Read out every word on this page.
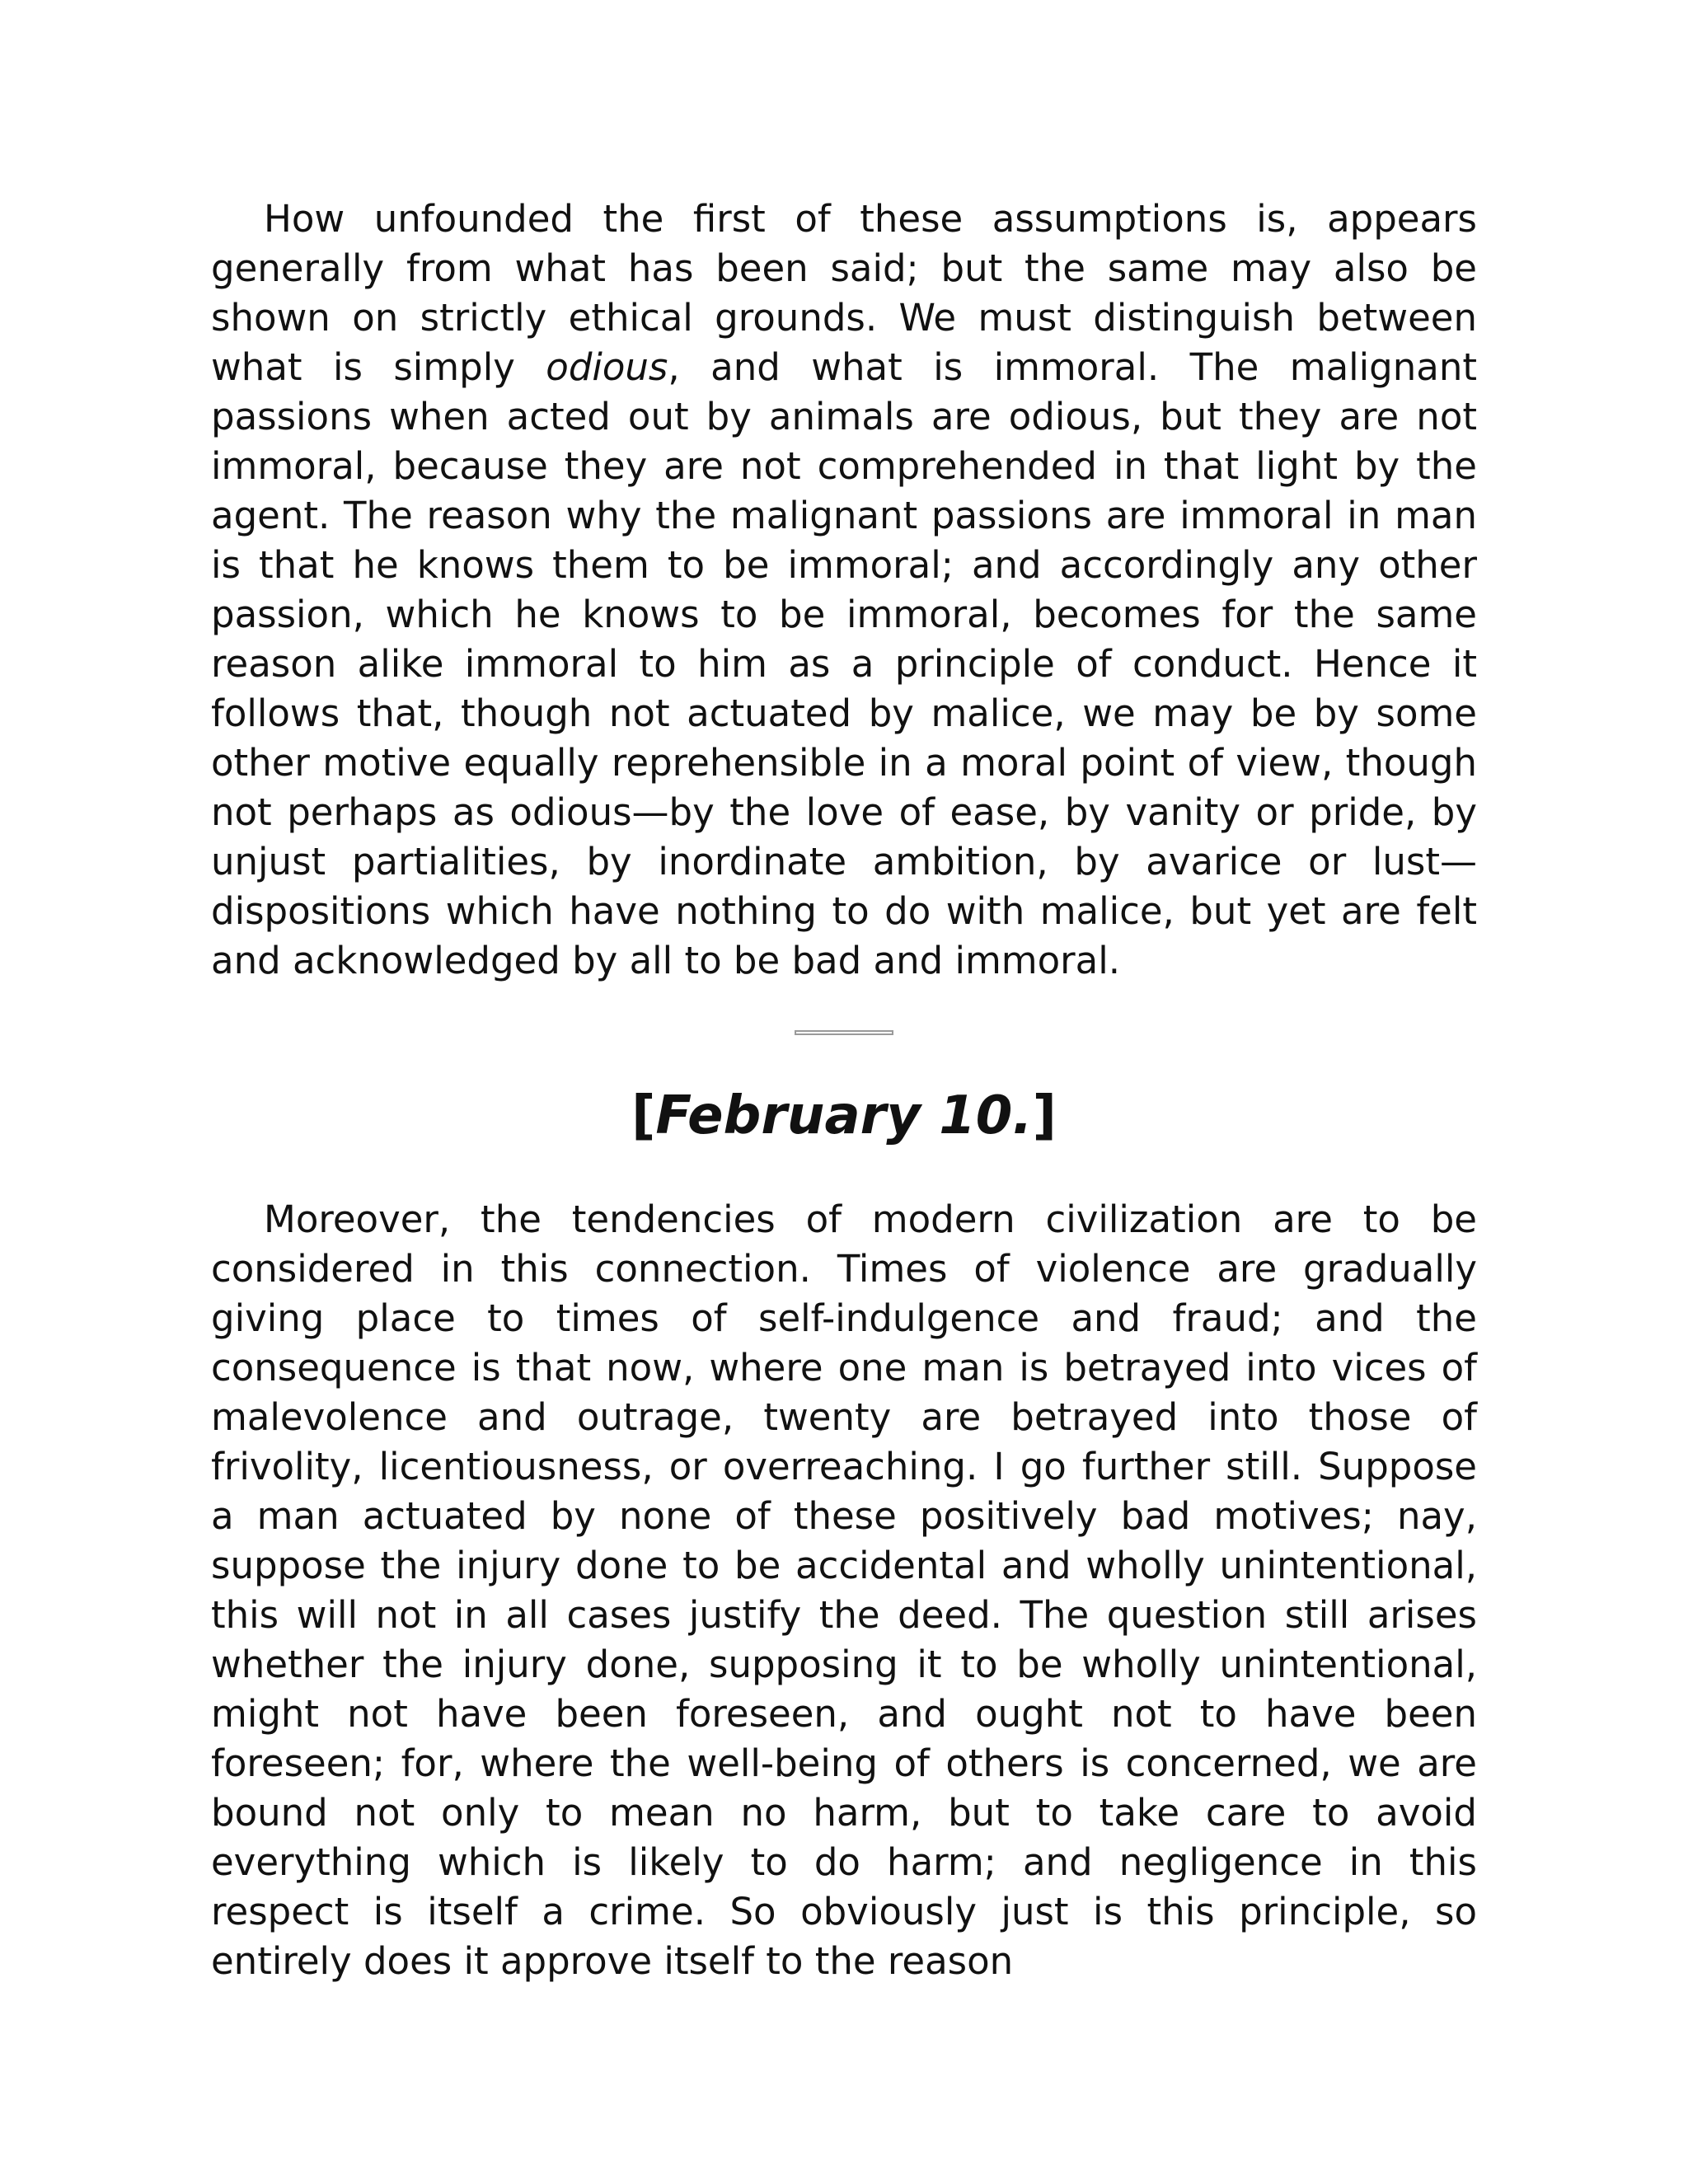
How unfounded the first of these assumptions is, appears generally from what has been said; but the same may also be shown on strictly ethical grounds. We must distinguish between what is simply odious, and what is immoral. The malignant passions when acted out by animals are odious, but they are not immoral, because they are not comprehended in that light by the agent. The reason why the malignant passions are immoral in man is that he knows them to be immoral; and accordingly any other passion, which he knows to be immoral, becomes for the same reason alike immoral to him as a principle of conduct. Hence it follows that, though not actuated by malice, we may be by some other motive equally reprehensible in a moral point of view, though not perhaps as odious—by the love of ease, by vanity or pride, by unjust partialities, by inordinate ambition, by avarice or lust—dispositions which have nothing to do with malice, but yet are felt and acknowledged by all to be bad and immoral.

[February 10.]

Moreover, the tendencies of modern civilization are to be considered in this connection. Times of violence are gradually giving place to times of self-indulgence and fraud; and the consequence is that now, where one man is betrayed into vices of malevolence and outrage, twenty are betrayed into those of frivolity, licentiousness, or overreaching. I go further still. Suppose a man actuated by none of these positively bad motives; nay, suppose the injury done to be accidental and wholly unintentional, this will not in all cases justify the deed. The question still arises whether the injury done, supposing it to be wholly unintentional, might not have been foreseen, and ought not to have been foreseen; for, where the well-being of others is concerned, we are bound not only to mean no harm, but to take care to avoid everything which is likely to do harm; and negligence in this respect is itself a crime. So obviously just is this principle, so entirely does it approve itself to the reason
